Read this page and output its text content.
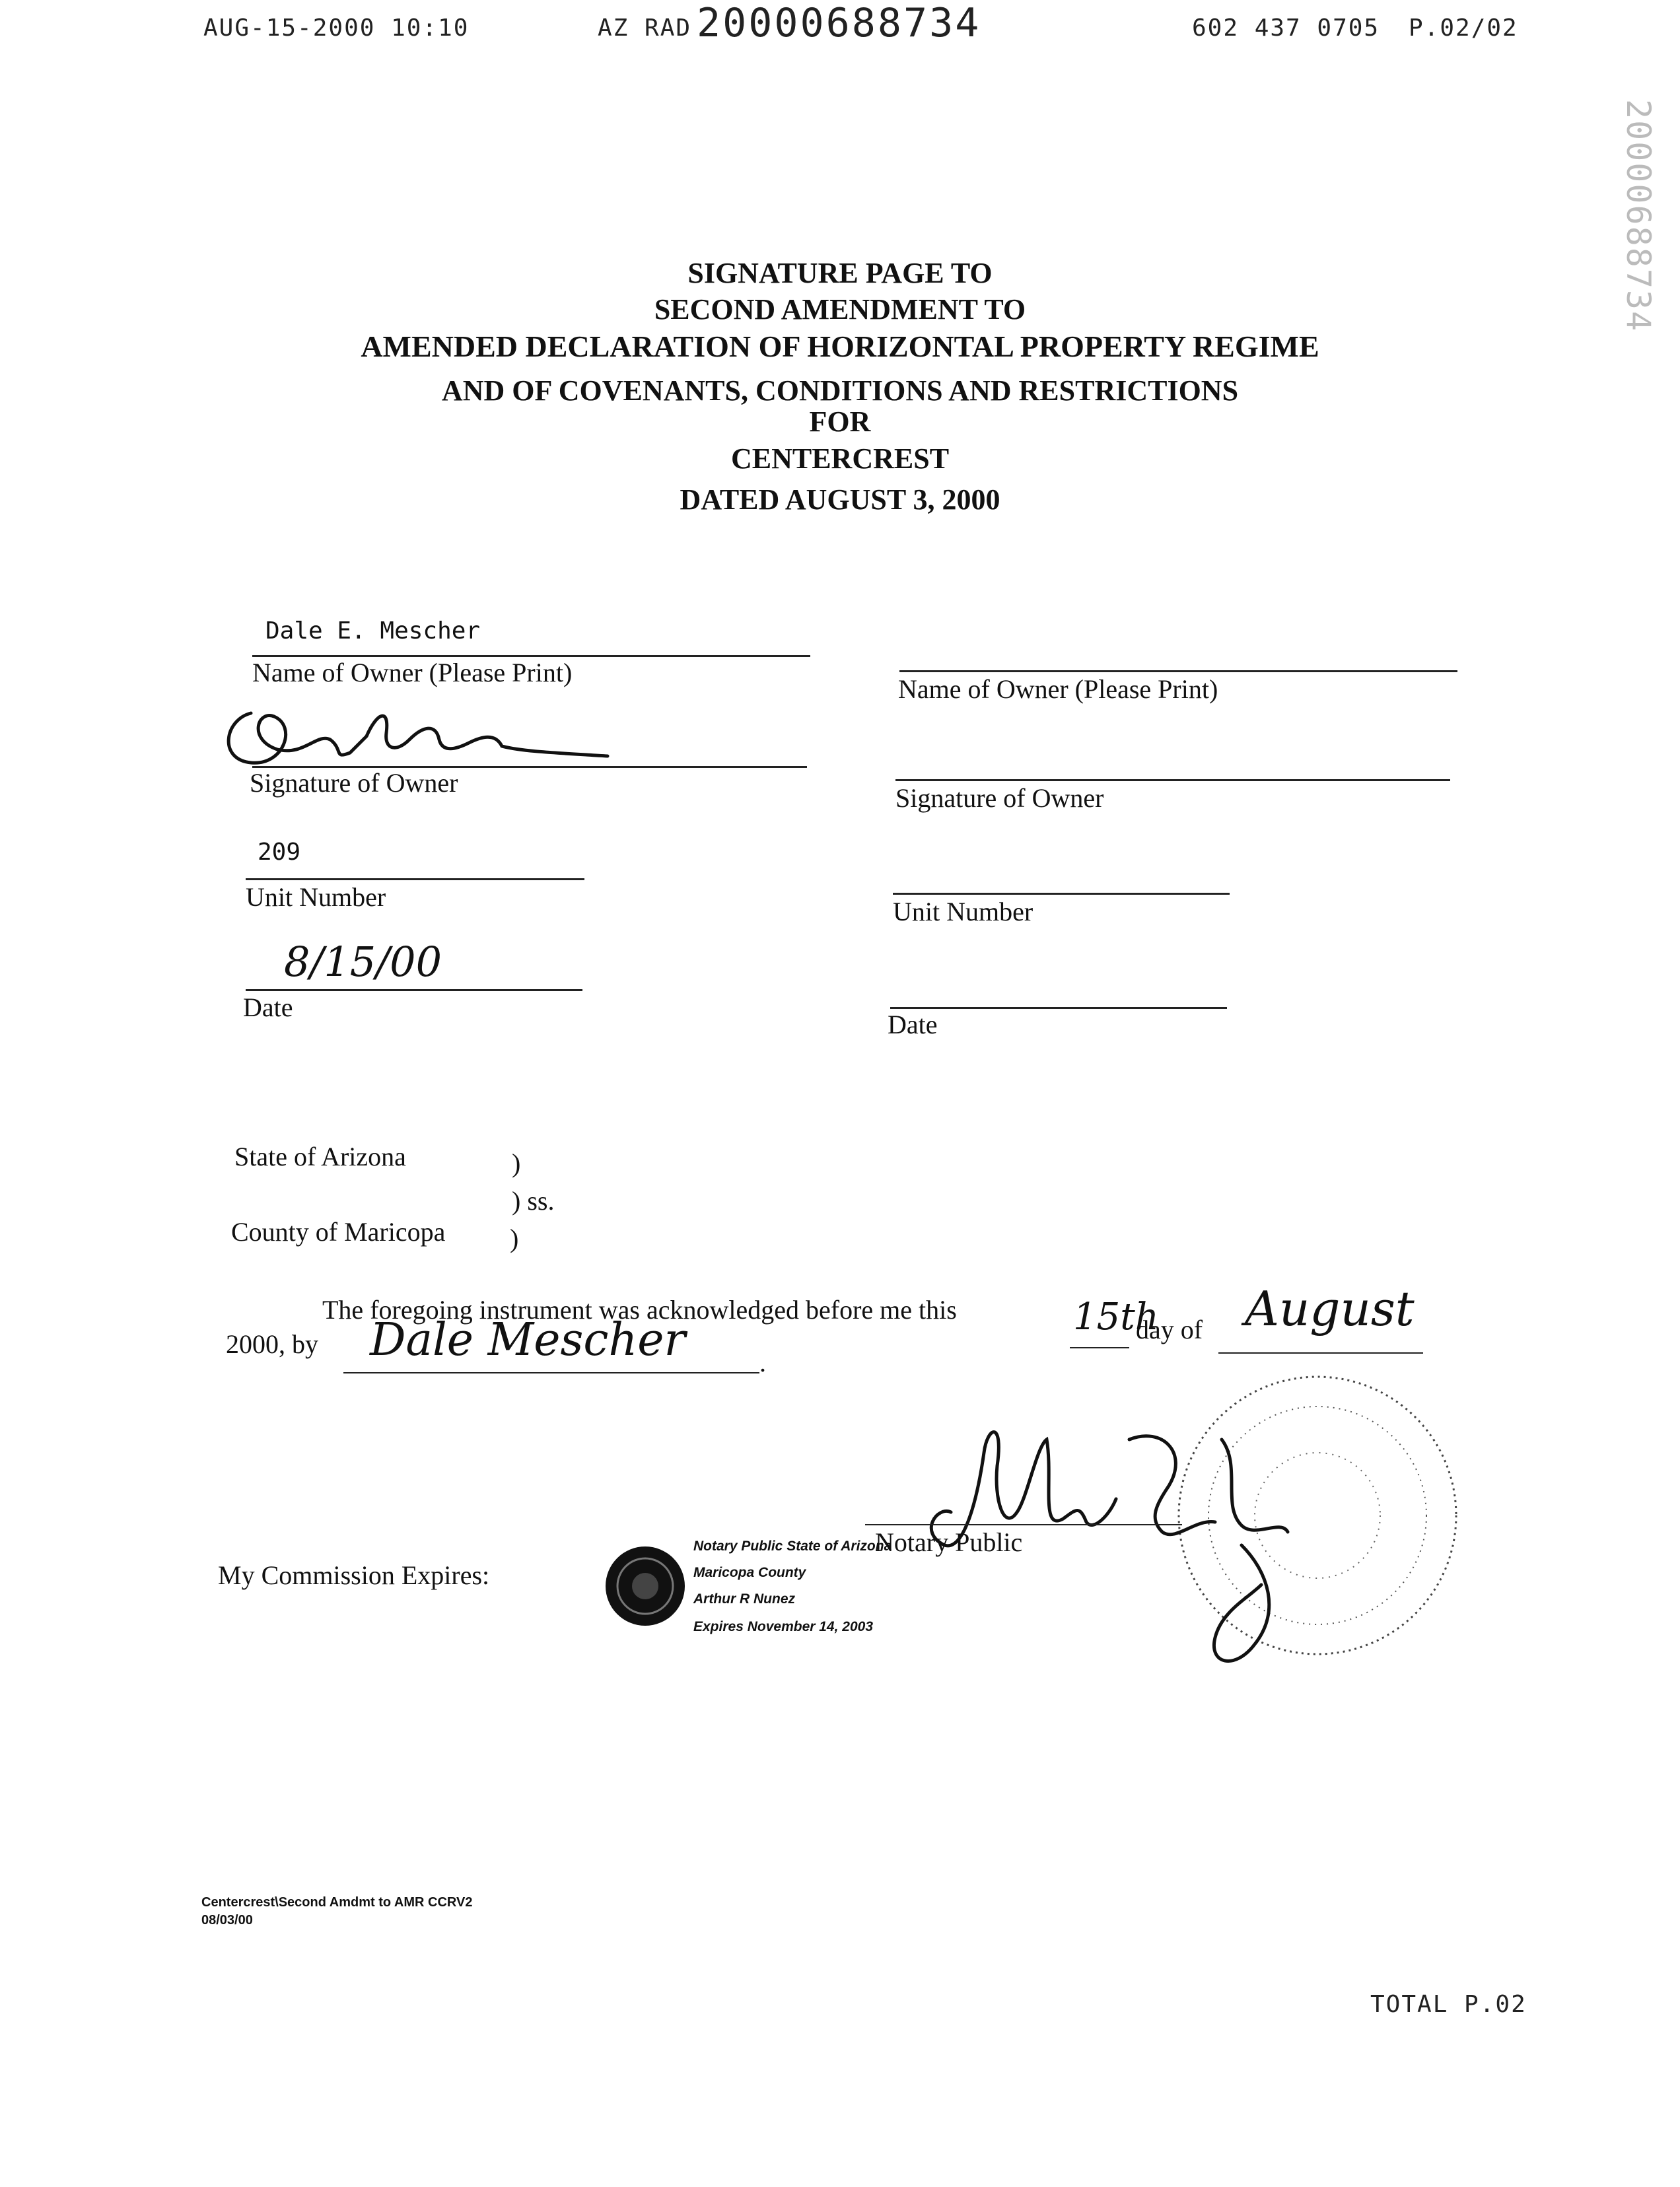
AUG-15-2000 10:10	AZ RAD 20000688734	602 437 0705 P.02/02
20000688734
SIGNATURE PAGE TO
SECOND AMENDMENT TO
AMENDED DECLARATION OF HORIZONTAL PROPERTY REGIME
AND OF COVENANTS, CONDITIONS AND RESTRICTIONS
FOR
CENTERCREST
DATED AUGUST 3, 2000
Dale E. Mescher
Name of Owner (Please Print)
Signature of Owner
209
Unit Number
8/15/00
Date
Name of Owner (Please Print)
Signature of Owner
Unit Number
Date
State of Arizona	)
) ss.
County of Maricopa )
The foregoing instrument was acknowledged before me this	15th
day of August
2000, by Dale Mescher	.
Notary Public
My Commission Expires:
Notary Public State of Arizona
Maricopa County
Arthur R Nunez
Expires November 14, 2003
Centercrest\Second Amdmt to AMR CCRV2
08/03/00
TOTAL P.02
